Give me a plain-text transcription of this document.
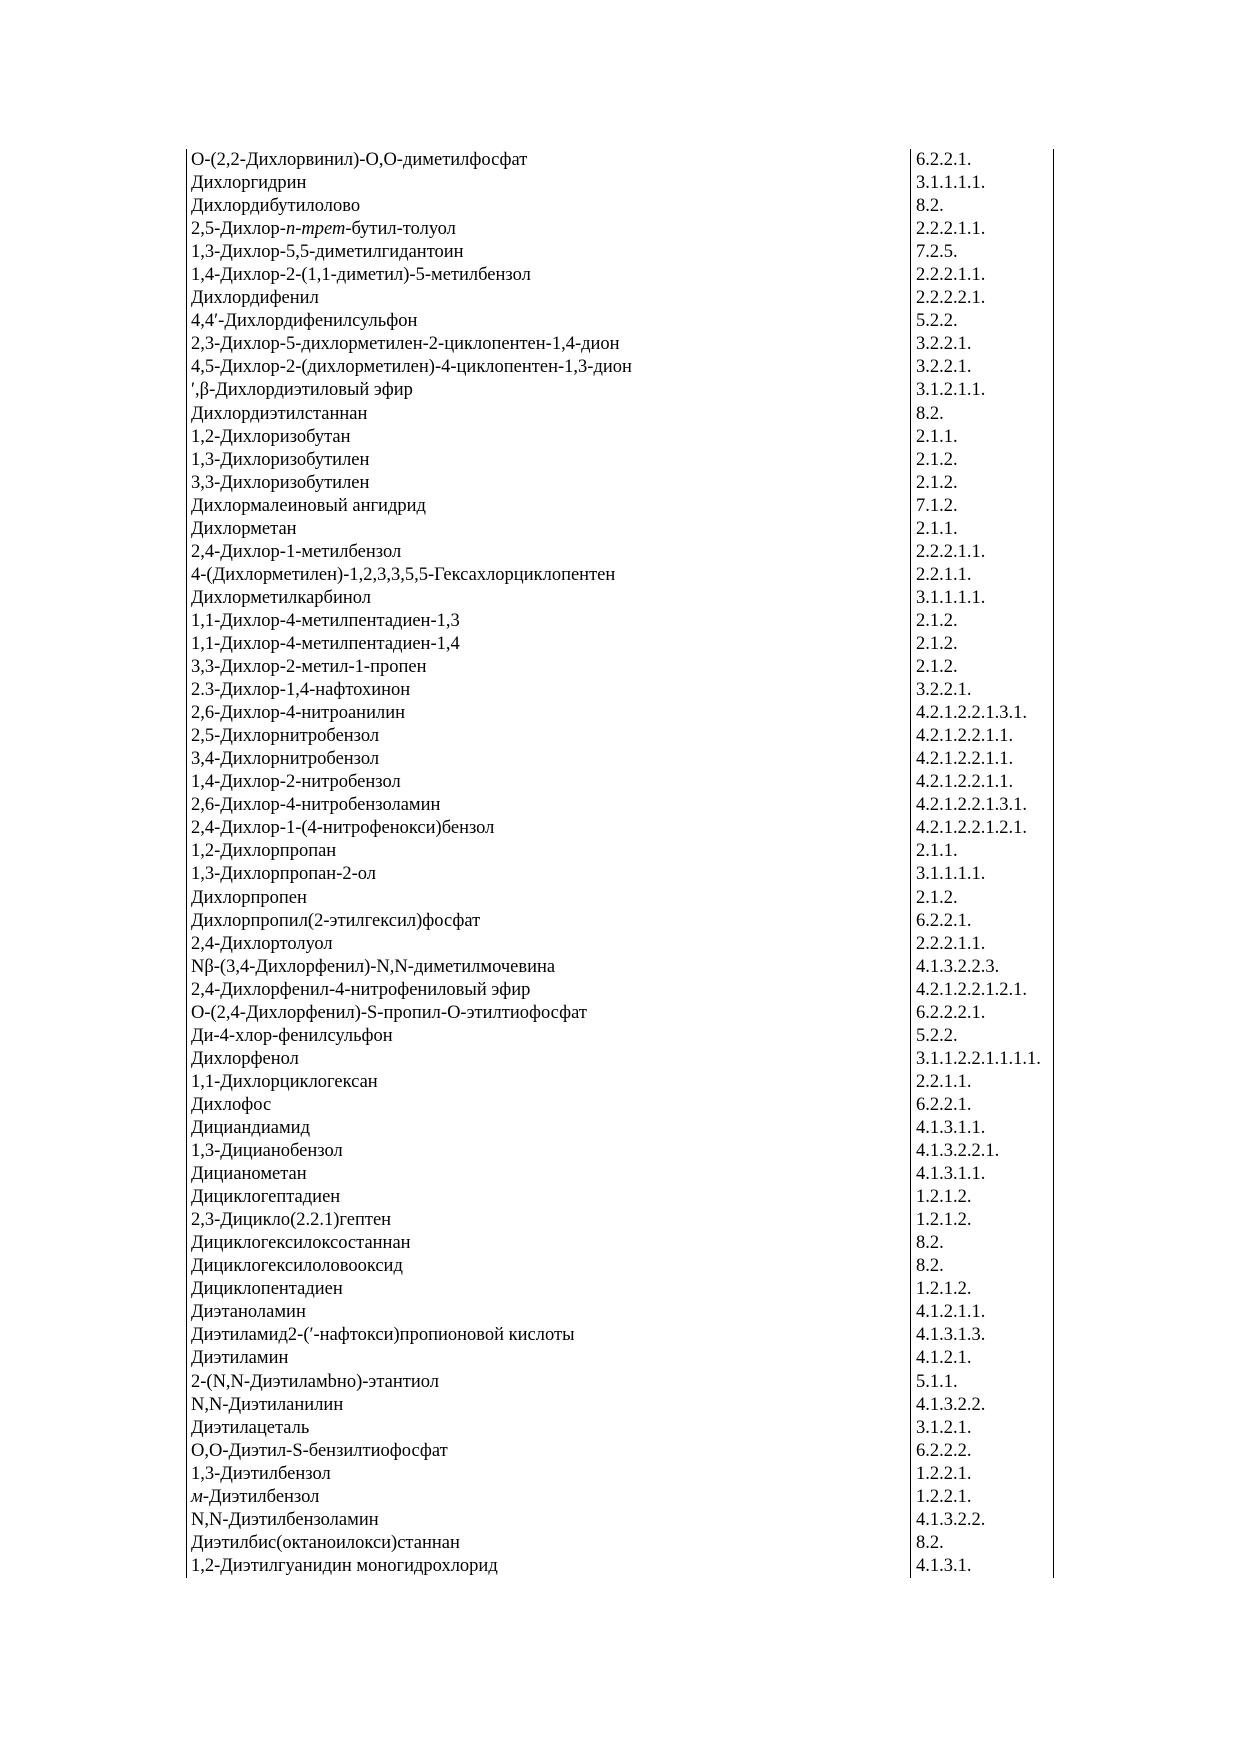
О-(2,2-Дихлорвинил)-О,О-диметилфосфат	6.2.2.1.
Дихлоргидрин	3.1.1.1.1.
Дихлордибутилолово	8.2.
2,5-Дихлор- п - трет -бутил-толуол	2.2.2.1.1.
1,3-Дихлор-5,5-диметилгидантоин	7.2.5.
1,4-Дихлор-2-(1,1-диметил)-5-метилбензол	2.2.2.1.1.
Дихлордифенил	2.2.2.2.1.
4,4′-Дихлордифенилсульфон	5.2.2.
2,3-Дихлор-5-дихлорметилен-2-циклопентен-1,4-дион	3.2.2.1.
4,5-Дихлор-2-(дихлорметилен)-4-циклопентен-1,3-дион	3.2.2.1.
′,β-Дихлордиэтиловый эфир	3.1.2.1.1.
Дихлордиэтилстаннан	8.2.
1,2-Дихлоризобутан	2.1.1.
1,3-Дихлоризобутилен	2.1.2.
3,3-Дихлоризобутилен	2.1.2.
Дихлормалеиновый ангидрид	7.1.2.
Дихлорметан	2.1.1.
2,4-Дихлор-1-метилбензол	2.2.2.1.1.
4-(Дихлорметилен)-1,2,3,3,5,5-Гексахлорциклопентен	2.2.1.1.
Дихлорметилкарбинол	3.1.1.1.1.
1,1-Дихлор-4-метилпентадиен-1,3	2.1.2.
1,1-Дихлор-4-метилпентадиен-1,4	2.1.2.
3,3-Дихлор-2-метил-1-пропен	2.1.2.
2.3-Дихлор-1,4-нафтохинон	3.2.2.1.
2,6-Дихлор-4-нитроанилин	4.2.1.2.2.1.3.1.
2,5-Дихлорнитробензол	4.2.1.2.2.1.1.
3,4-Дихлорнитробензол	4.2.1.2.2.1.1.
1,4-Дихлор-2-нитробензол	4.2.1.2.2.1.1.
2,6-Дихлор-4-нитробензоламин	4.2.1.2.2.1.3.1.
2,4-Дихлор-1-(4-нитрофенокси)бензол	4.2.1.2.2.1.2.1.
1,2-Дихлорпропан	2.1.1.
1,3-Дихлорпропан-2-ол	3.1.1.1.1.
Дихлорпропен	2.1.2.
Дихлорпропил(2-этилгексил)фосфат	6.2.2.1.
2,4-Дихлортолуол	2.2.2.1.1.
Nβ-(3,4-Дихлорфенил)-N,N-диметилмочевина	4.1.3.2.2.3.
2,4-Дихлорфенил-4-нитрофениловый эфир	4.2.1.2.2.1.2.1.
О-(2,4-Дихлорфенил)-S-пропил-О-этилтиофосфат	6.2.2.2.1.
Ди-4-хлор-фенилсульфон	5.2.2.
Дихлорфенол	3.1.1.2.2.1.1.1.1.
1,1-Дихлорциклогексан	2.2.1.1.
Дихлофос	6.2.2.1.
Дициандиамид	4.1.3.1.1.
1,3-Дицианобензол	4.1.3.2.2.1.
Дицианометан	4.1.3.1.1.
Дициклогептадиен	1.2.1.2.
2,3-Дицикло(2.2.1)гептен	1.2.1.2.
Дициклогексилоксостаннан	8.2.
Дициклогексилоловооксид	8.2.
Дициклопентадиен	1.2.1.2.
Диэтаноламин	4.1.2.1.1.
Диэтиламид2-(′-нафтокси)пропионовой кислоты	4.1.3.1.3.
Диэтиламин	4.1.2.1.
2-(N,N-Диэтиламbно)-этантиол	5.1.1.
N,N-Диэтиланилин	4.1.3.2.2.
Диэтилацеталь	3.1.2.1.
О,О-Диэтил-S-бензилтиофосфат	6.2.2.2.
1,3-Диэтилбензол	1.2.2.1.
м -Диэтилбензол	1.2.2.1.
N,N-Диэтилбензоламин	4.1.3.2.2.
Диэтилбис(октаноилокси)станнан	8.2.
1,2-Диэтилгуанидин моногидрохлорид	4.1.3.1.
